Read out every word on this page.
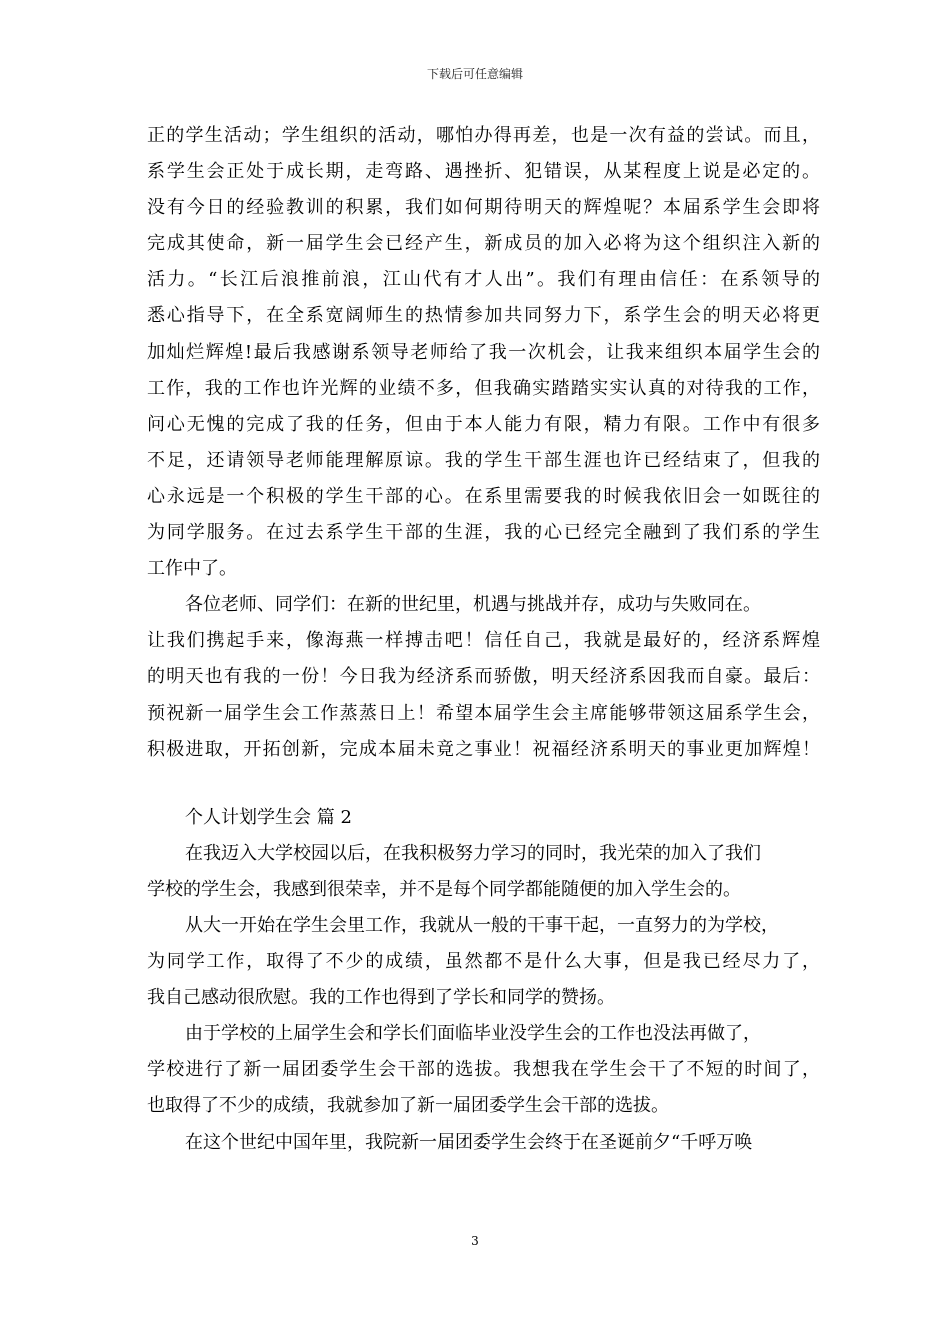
下载后可任意编辑
正的学生活动；学生组织的活动，哪怕办得再差，也是一次有益的尝试。而且，
系学生会正处于成长期，走弯路、遇挫折、犯错误，从某程度上说是必定的。
没有今日的经验教训的积累，我们如何期待明天的辉煌呢？本届系学生会即将
完成其使命，新一届学生会已经产生，新成员的加入必将为这个组织注入新的
活力。“长江后浪推前浪，江山代有才人出”。我们有理由信任：在系领导的
悉心指导下，在全系宽阔师生的热情参加共同努力下，系学生会的明天必将更
加灿烂辉煌!最后我感谢系领导老师给了我一次机会，让我来组织本届学生会的
工作，我的工作也许光辉的业绩不多，但我确实踏踏实实认真的对待我的工作，
问心无愧的完成了我的任务，但由于本人能力有限，精力有限。工作中有很多
不足，还请领导老师能理解原谅。我的学生干部生涯也许已经结束了，但我的
心永远是一个积极的学生干部的心。在系里需要我的时候我依旧会一如既往的
为同学服务。在过去系学生干部的生涯，我的心已经完全融到了我们系的学生
工作中了。
各位老师、同学们：在新的世纪里，机遇与挑战并存，成功与失败同在。
让我们携起手来，像海燕一样搏击吧！信任自己，我就是最好的，经济系辉煌
的明天也有我的一份！今日我为经济系而骄傲，明天经济系因我而自豪。最后：
预祝新一届学生会工作蒸蒸日上！希望本届学生会主席能够带领这届系学生会，
积极进取，开拓创新，完成本届未竟之事业！祝福经济系明天的事业更加辉煌！
个人计划学生会 篇 2
在我迈入大学校园以后，在我积极努力学习的同时，我光荣的加入了我们
学校的学生会，我感到很荣幸，并不是每个同学都能随便的加入学生会的。
从大一开始在学生会里工作，我就从一般的干事干起，一直努力的为学校，
为同学工作，取得了不少的成绩，虽然都不是什么大事，但是我已经尽力了，
我自己感动很欣慰。我的工作也得到了学长和同学的赞扬。
由于学校的上届学生会和学长们面临毕业没学生会的工作也没法再做了，
学校进行了新一届团委学生会干部的选拔。我想我在学生会干了不短的时间了，
也取得了不少的成绩，我就参加了新一届团委学生会干部的选拔。
在这个世纪中国年里，我院新一届团委学生会终于在圣诞前夕“千呼万唤
3
